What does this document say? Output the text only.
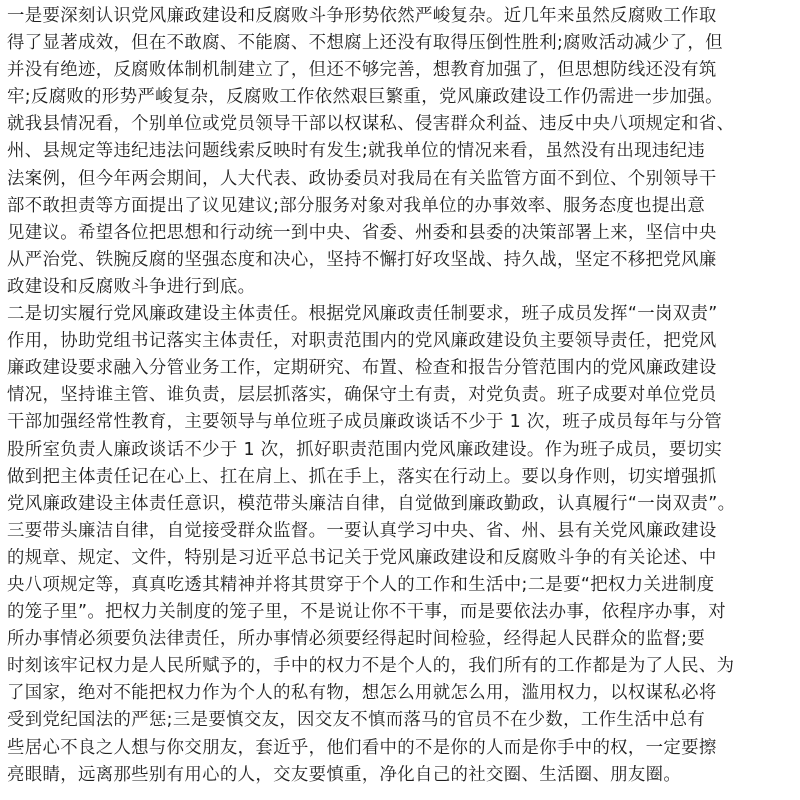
一是要深刻认识党风廉政建设和反腐败斗争形势依然严峻复杂。近几年来虽然反腐败工作取
得了显著成效，但在不敢腐、不能腐、不想腐上还没有取得压倒性胜利;腐败活动减少了，但
并没有绝迹，反腐败体制机制建立了，但还不够完善，想教育加强了，但思想防线还没有筑
牢;反腐败的形势严峻复杂，反腐败工作依然艰巨繁重，党风廉政建设工作仍需进一步加强。
就我县情况看，个别单位或党员领导干部以权谋私、侵害群众利益、违反中央八项规定和省、
州、县规定等违纪违法问题线索反映时有发生;就我单位的情况来看，虽然没有出现违纪违
法案例，但今年两会期间，人大代表、政协委员对我局在有关监管方面不到位、个别领导干
部不敢担责等方面提出了议见建议;部分服务对象对我单位的办事效率、服务态度也提出意
见建议。希望各位把思想和行动统一到中央、省委、州委和县委的决策部署上来，坚信中央
从严治党、铁腕反腐的坚强态度和决心，坚持不懈打好攻坚战、持久战，坚定不移把党风廉
政建设和反腐败斗争进行到底。
二是切实履行党风廉政建设主体责任。根据党风廉政责任制要求，班子成员发挥“一岗双责”
作用，协助党组书记落实主体责任，对职责范围内的党风廉政建设负主要领导责任，把党风
廉政建设要求融入分管业务工作，定期研究、布置、检查和报告分管范围内的党风廉政建设
情况，坚持谁主管、谁负责，层层抓落实，确保守土有责，对党负责。班子成要对单位党员
干部加强经常性教育，主要领导与单位班子成员廉政谈话不少于 1 次，班子成员每年与分管
股所室负责人廉政谈话不少于 1 次，抓好职责范围内党风廉政建设。作为班子成员，要切实
做到把主体责任记在心上、扛在肩上、抓在手上，落实在行动上。要以身作则，切实增强抓
党风廉政建设主体责任意识，模范带头廉洁自律，自觉做到廉政勤政，认真履行“一岗双责”。
三要带头廉洁自律，自觉接受群众监督。一要认真学习中央、省、州、县有关党风廉政建设
的规章、规定、文件，特别是习近平总书记关于党风廉政建设和反腐败斗争的有关论述、中
央八项规定等，真真吃透其精神并将其贯穿于个人的工作和生活中;二是要“把权力关进制度
的笼子里”。把权力关制度的笼子里，不是说让你不干事，而是要依法办事，依程序办事，对
所办事情必须要负法律责任，所办事情必须要经得起时间检验，经得起人民群众的监督;要
时刻该牢记权力是人民所赋予的，手中的权力不是个人的，我们所有的工作都是为了人民、为
了国家，绝对不能把权力作为个人的私有物，想怎么用就怎么用，滥用权力，以权谋私必将
受到党纪国法的严惩;三是要慎交友，因交友不慎而落马的官员不在少数，工作生活中总有
些居心不良之人想与你交朋友，套近乎，他们看中的不是你的人而是你手中的权，一定要擦
亮眼睛，远离那些别有用心的人，交友要慎重，净化自己的社交圈、生活圈、朋友圈。
